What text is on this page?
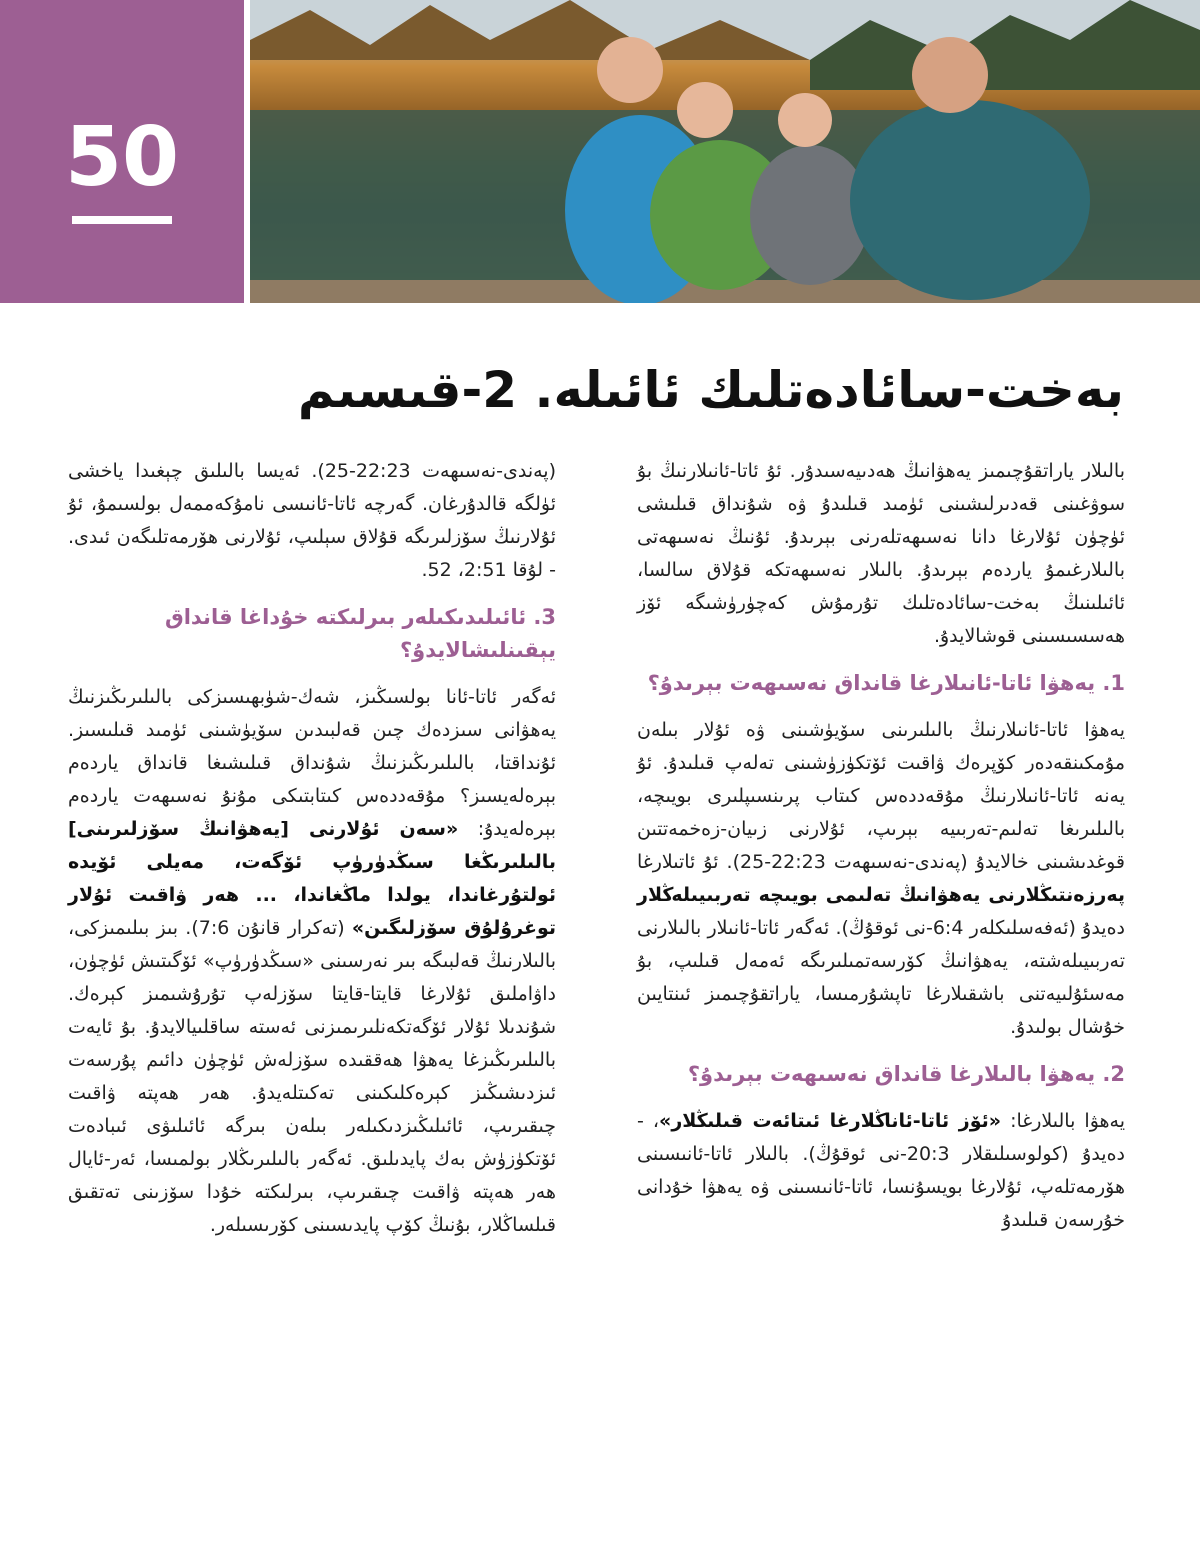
50
بەخت-سائادەتلىك ئائىلە. 2-قىسىم

بالىلار ياراتقۇچىمىز يەھۋانىڭ ھەدىيەسىدۇر. ئۇ ئاتا-ئانىلارنىڭ بۇ سوۋغىنى قەدىرلىشىنى ئۈمىد قىلىدۇ ۋە شۇنداق قىلىشى ئۈچۈن ئۇلارغا دانا نەسىھەتلەرنى بېرىدۇ. ئۇنىڭ نەسىھەتى بالىلارغىمۇ ياردەم بېرىدۇ. بالىلار نەسىھەتكە قۇلاق سالسا، ئائىلىنىڭ بەخت-سائادەتلىك تۇرمۇش كەچۈرۈشىگە ئۆز ھەسسىسىنى قوشالايدۇ.

1. يەھۋا ئاتا-ئانىلارغا قانداق نەسىھەت بېرىدۇ؟

يەھۋا ئاتا-ئانىلارنىڭ بالىلىرىنى سۆيۈشىنى ۋە ئۇلار بىلەن مۇمكىنقەدەر كۆپرەك ۋاقىت ئۆتكۈزۈشىنى تەلەپ قىلىدۇ. ئۇ يەنە ئاتا-ئانىلارنىڭ مۇقەددەس كىتاب پرىنسىپلىرى بويىچە، بالىلىرىغا تەلىم-تەربىيە بېرىپ، ئۇلارنى زىيان-زەخمەتتىن قوغدىشىنى خالايدۇ (پەندى-نەسىھەت 22:23-25). ئۇ ئاتىلارغا پەرزەنتىڭلارنى يەھۋانىڭ تەلىمى بويىچە تەربىيىلەڭلار دەيدۇ (ئەفەسلىكلەر 6:4-نى ئوقۇڭ). ئەگەر ئاتا-ئانىلار بالىلارنى تەربىيىلەشتە، يەھۋانىڭ كۆرسەتمىلىرىگە ئەمەل قىلىپ، بۇ مەسئۇلىيەتنى باشقىلارغا تاپشۇرمىسا، ياراتقۇچىمىز ئىنتايىن خۇشال بولىدۇ.

2. يەھۋا بالىلارغا قانداق نەسىھەت بېرىدۇ؟

يەھۋا بالىلارغا: «ئۆز ئاتا-ئاناڭلارغا ئىتائەت قىلىڭلار»، - دەيدۇ (كولوسىلىقلار 20:3-نى ئوقۇڭ). بالىلار ئاتا-ئانىسىنى ھۆرمەتلەپ، ئۇلارغا بويسۇنسا، ئاتا-ئانىسىنى ۋە يەھۋا خۇدانى خۇرسەن قىلىدۇ

(پەندى-نەسىھەت 22:23-25). ئەيسا بالىلىق چېغىدا ياخشى ئۈلگە قالدۇرغان. گەرچە ئاتا-ئانىسى نامۇكەممەل بولسىمۇ، ئۇ ئۇلارنىڭ سۆزلىرىگە قۇلاق سېلىپ، ئۇلارنى ھۆرمەتلىگەن ئىدى. - لۇقا 2:51، 52.

3. ئائىلىدىكىلەر بىرلىكتە خۇداغا قانداق يېقىنلىشالايدۇ؟

ئەگەر ئاتا-ئانا بولسىڭىز، شەك-شۈبھىسىزكى بالىلىرىڭىزنىڭ يەھۋانى سىزدەك چىن قەلبىدىن سۆيۈشىنى ئۈمىد قىلىسىز. ئۇنداقتا، بالىلىرىڭىزنىڭ شۇنداق قىلىشىغا قانداق ياردەم بېرەلەيسىز؟ مۇقەددەس كىتابتىكى مۇنۇ نەسىھەت ياردەم بېرەلەيدۇ: «سەن ئۇلارنى [يەھۋانىڭ سۆزلىرىنى] بالىلىرىڭغا سىڭدۈرۈپ ئۆگەت، مەيلى ئۆيدە ئولتۇرغاندا، يولدا ماڭغاندا، ... ھەر ۋاقىت ئۇلار توغرۇلۇق سۆزلىگىن» (تەكرار قانۇن 7:6). بىز بىلىمىزكى، بالىلارنىڭ قەلبىگە بىر نەرسىنى «سىڭدۈرۈپ» ئۆگىتىش ئۈچۈن، داۋاملىق ئۇلارغا قايتا-قايتا سۆزلەپ تۇرۇشىمىز كېرەك. شۇندىلا ئۇلار ئۆگەتكەنلىرىمىزنى ئەستە ساقلىيالايدۇ. بۇ ئايەت بالىلىرىڭىزغا يەھۋا ھەققىدە سۆزلەش ئۈچۈن دائىم پۇرسەت ئىزدىشىڭىز كېرەكلىكىنى تەكىتلەيدۇ. ھەر ھەپتە ۋاقىت چىقىرىپ، ئائىلىڭىزدىكىلەر بىلەن بىرگە ئائىلىۋى ئىبادەت ئۆتكۈزۈش بەك پايدىلىق. ئەگەر بالىلىرىڭلار بولمىسا، ئەر-ئايال ھەر ھەپتە ۋاقىت چىقىرىپ، بىرلىكتە خۇدا سۆزىنى تەتقىق قىلساڭلار، بۇنىڭ كۆپ پايدىسىنى كۆرىسىلەر.
